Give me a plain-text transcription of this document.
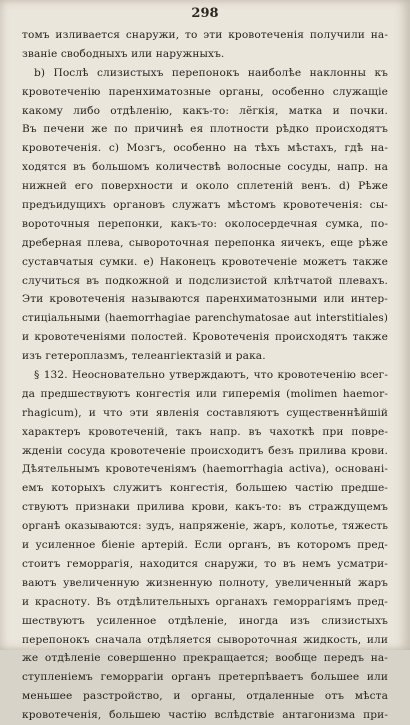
298
томъ изливается снаружи, то эти кровотеченія получили на-
званіе свободныхъ или наружныхъ.
b) Послѣ слизистыхъ перепонокъ наиболѣе наклонны къ
кровотеченію паренхиматозные органы, особенно служащіе
какому либо отдѣленію, какъ-то: лёгкія, матка и почки.
Въ печени же по причинѣ ея плотности рѣдко происходятъ
кровотеченія. с) Мозгъ, особенно на тѣхъ мѣстахъ, гдѣ на-
ходятся въ большомъ количествѣ волосные сосуды, напр. на
нижней его поверхности и около сплетеній венъ. d) Рѣже
предъидущихъ органовъ служатъ мѣстомъ кровотеченія: сы-
вороточныя перепонки, какъ-то: околосердечная сумка, по-
дреберная плева, сывороточная перепонка яичекъ, еще рѣже
суставчатыя сумки. е) Наконецъ кровотеченіе можетъ также
случиться въ подкожной и подслизистой клѣтчатой плевахъ.
Эти кровотеченія называются паренхиматозными или интер-
стиціальными (haemorrhagiae parenchymatosae aut interstitiales)
и кровотеченіями полостей. Кровотеченія происходятъ также
изъ гетероплазмъ, телеангіектазій и рака.
§ 132. Неосновательно утверждаютъ, что кровотеченію всег-
да предшествуютъ конгестія или гиперемія (molimen haemor-
rhagicum), и что эти явленія составляютъ существеннѣйшій
характеръ кровотеченій, такъ напр. въ чахоткѣ при повре-
жденіи сосуда кровотеченіе происходитъ безъ прилива крови.
Дѣятельнымъ кровотеченіямъ (haemorrhagia activa), основані-
емъ которыхъ служитъ конгестія, большею частію предше-
ствуютъ признаки прилива крови, какъ-то: въ страждущемъ
органѣ оказываются: зудъ, напряженіе, жаръ, колотье, тяжесть
и усиленное біеніе артерій. Если органъ, въ которомъ пред-
стоитъ геморрагія, находится снаружи, то въ немъ усматри-
ваютъ увеличенную жизненную полноту, увеличенный жаръ
и красноту. Въ отдѣлительныхъ органахъ геморрагіямъ пред-
шествуютъ усиленное отдѣленіе, иногда изъ слизистыхъ
перепонокъ сначала отдѣляется сывороточная жидкость, или
же отдѣленіе совершенно прекращается; вообще передъ на-
ступленіемъ геморрагіи органъ претерпѣваетъ большее или
меньшее разстройство, и органы, отдаленные отъ мѣста
кровотеченія, большею частію вслѣдствіе антагонизма при-
